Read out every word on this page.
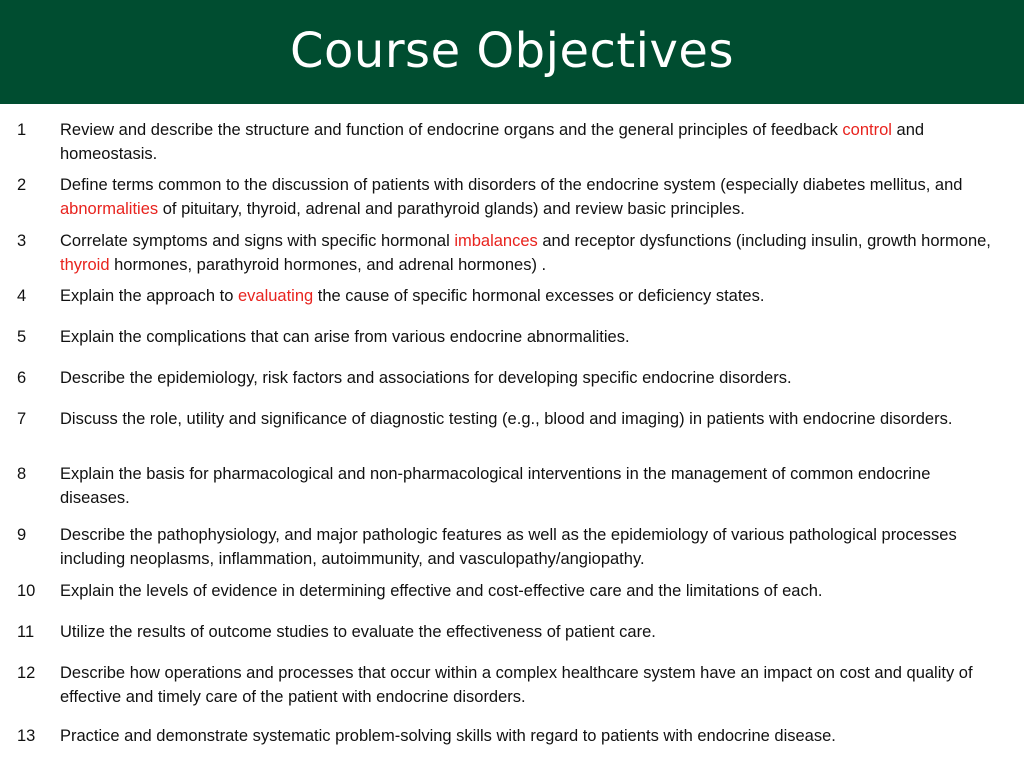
Course Objectives
1	Review and describe the structure and function of endocrine organs and the general principles of feedback control and homeostasis.
2	Define terms common to the discussion of patients with disorders of the endocrine system (especially diabetes mellitus, and abnormalities of pituitary, thyroid, adrenal and parathyroid glands) and review basic principles.
3	Correlate symptoms and signs with specific hormonal imbalances and receptor dysfunctions (including insulin, growth hormone, thyroid hormones, parathyroid hormones, and adrenal hormones) .
4	Explain the approach to evaluating the cause of specific hormonal excesses or deficiency states.
5	Explain the complications that can arise from various endocrine abnormalities.
6	Describe the epidemiology, risk factors and associations for developing specific endocrine disorders.
7	Discuss the role, utility and significance of diagnostic testing (e.g., blood and imaging) in patients with endocrine disorders.
8	Explain the basis for pharmacological and non-pharmacological interventions in the management of common endocrine diseases.
9	Describe the pathophysiology, and major pathologic features as well as the epidemiology of various pathological processes including neoplasms, inflammation, autoimmunity, and vasculopathy/angiopathy.
10	Explain the levels of evidence in determining effective and cost-effective care and the limitations of each.
11	Utilize the results of outcome studies to evaluate the effectiveness of patient care.
12	Describe how operations and processes that occur within a complex healthcare system have an impact on cost and quality of effective and timely care of the patient with endocrine disorders.
13	Practice and demonstrate systematic problem-solving skills with regard to patients with endocrine disease.
